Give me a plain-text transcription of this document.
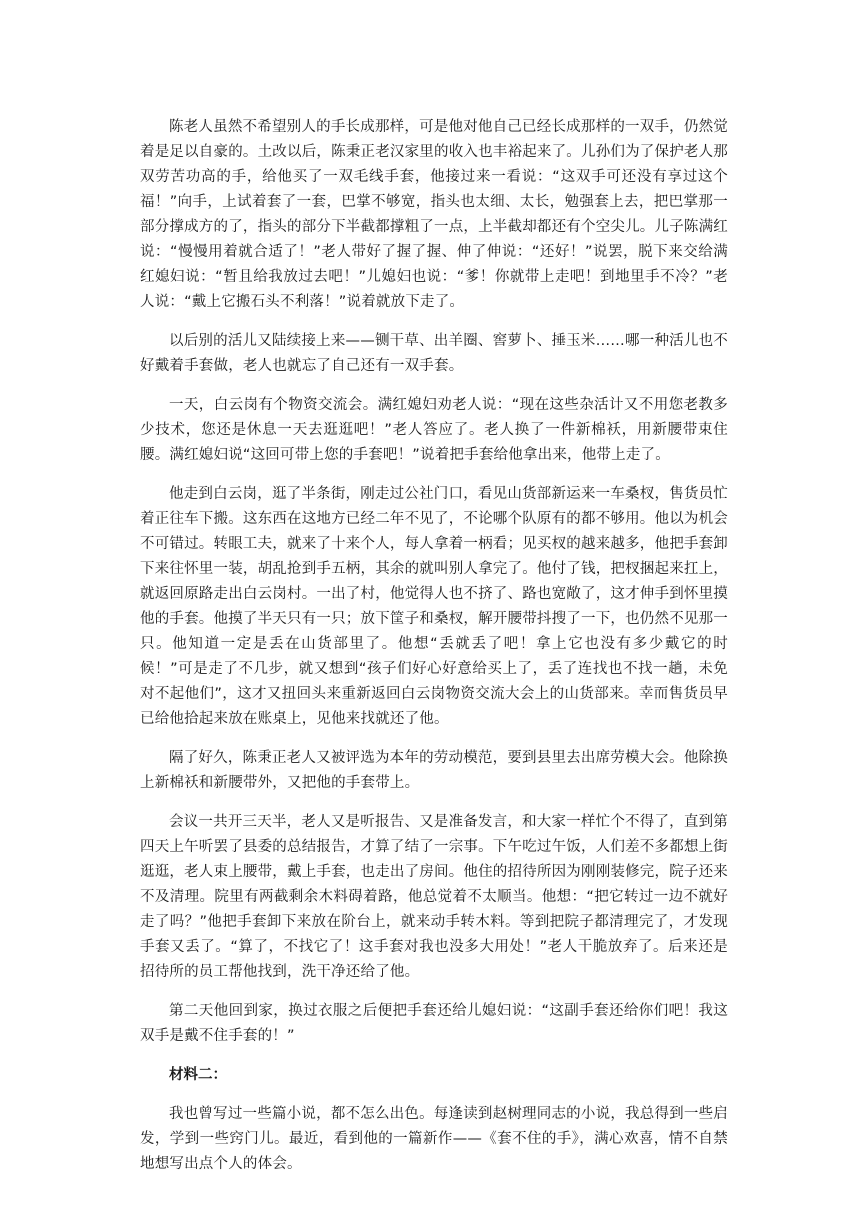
陈老人虽然不希望别人的手长成那样，可是他对他自己已经长成那样的一双手，仍然觉着是足以自豪的。土改以后，陈秉正老汉家里的收入也丰裕起来了。儿孙们为了保护老人那双劳苦功高的手，给他买了一双毛线手套，他接过来一看说：“这双手可还没有享过这个福！”向手，上试着套了一套，巴掌不够宽，指头也太细、太长，勉强套上去，把巴掌那一部分撑成方的了，指头的部分下半截都撑粗了一点，上半截却都还有个空尖儿。儿子陈满红说：“慢慢用着就合适了！”老人带好了握了握、伸了伸说：“还好！”说罢，脱下来交给满红媳妇说：“暂且给我放过去吧！”儿媳妇也说：“爹！你就带上走吧！到地里手不冷？”老人说：“戴上它搬石头不利落！”说着就放下走了。

以后别的活儿又陆续接上来——铡干草、出羊圈、窖萝卜、捶玉米……哪一种活儿也不好戴着手套做，老人也就忘了自己还有一双手套。

一天，白云岗有个物资交流会。满红媳妇劝老人说：“现在这些杂活计又不用您老教多少技术，您还是休息一天去逛逛吧！”老人答应了。老人换了一件新棉袄，用新腰带束住腰。满红媳妇说“这回可带上您的手套吧！”说着把手套给他拿出来，他带上走了。

他走到白云岗，逛了半条街，刚走过公社门口，看见山货部新运来一车桑杈，售货员忙着正往车下搬。这东西在这地方已经二年不见了，不论哪个队原有的都不够用。他以为机会不可错过。转眼工夫，就来了十来个人，每人拿着一柄看；见买杈的越来越多，他把手套卸下来往怀里一装，胡乱抢到手五柄，其余的就叫别人拿完了。他付了钱，把杈捆起来扛上，就返回原路走出白云岗村。一出了村，他觉得人也不挤了、路也宽敞了，这才伸手到怀里摸他的手套。他摸了半天只有一只；放下筐子和桑杈，解开腰带抖搜了一下，也仍然不见那一只。他知道一定是丢在山货部里了。他想“丢就丢了吧！拿上它也没有多少戴它的时候！”可是走了不几步，就又想到“孩子们好心好意给买上了，丢了连找也不找一趟，未免对不起他们”，这才又扭回头来重新返回白云岗物资交流大会上的山货部来。幸而售货员早已给他拾起来放在账桌上，见他来找就还了他。

隔了好久，陈秉正老人又被评选为本年的劳动模范，要到县里去出席劳模大会。他除换上新棉袄和新腰带外，又把他的手套带上。

会议一共开三天半，老人又是听报告、又是准备发言，和大家一样忙个不得了，直到第四天上午听罢了县委的总结报告，才算了结了一宗事。下午吃过午饭，人们差不多都想上街逛逛，老人束上腰带，戴上手套，也走出了房间。他住的招待所因为刚刚装修完，院子还来不及清理。院里有两截剩余木料碍着路，他总觉着不太顺当。他想：“把它转过一边不就好走了吗？”他把手套卸下来放在阶台上，就来动手转木料。等到把院子都清理完了，才发现手套又丢了。“算了，不找它了！这手套对我也没多大用处！”老人干脆放弃了。后来还是招待所的员工帮他找到，洗干净还给了他。

第二天他回到家，换过衣服之后便把手套还给儿媳妇说：“这副手套还给你们吧！我这双手是戴不住手套的！”

材料二：

我也曾写过一些篇小说，都不怎么出色。每逢读到赵树理同志的小说，我总得到一些启发，学到一些窍门儿。最近，看到他的一篇新作——《套不住的手》，满心欢喜，情不自禁地想写出点个人的体会。
